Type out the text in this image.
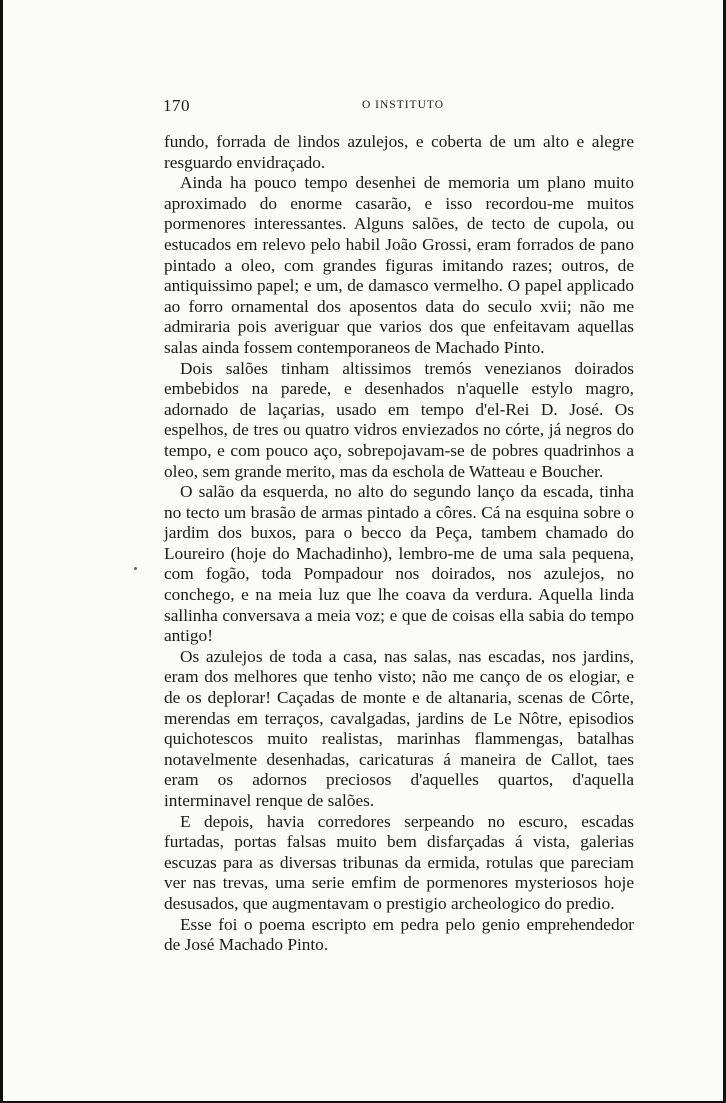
170	O INSTITUTO

fundo, forrada de lindos azulejos, e coberta de um alto e alegre resguardo envidraçado.

Ainda ha pouco tempo desenhei de memoria um plano muito aproximado do enorme casarão, e isso recordou-me muitos pormenores interessantes. Alguns salões, de tecto de cupola, ou estucados em relevo pelo habil João Grossi, eram forrados de pano pintado a oleo, com grandes figuras imitando razes; outros, de antiquissimo papel; e um, de damasco vermelho. O papel applicado ao forro ornamental dos aposentos data do seculo xvii; não me admiraria pois averiguar que varios dos que enfeitavam aquellas salas ainda fossem contemporaneos de Machado Pinto.

Dois salões tinham altissimos tremós venezianos doirados embebidos na parede, e desenhados n'aquelle estylo magro, adornado de laçarias, usado em tempo d'el-Rei D. José. Os espelhos, de tres ou quatro vidros enviezados no córte, já negros do tempo, e com pouco aço, sobrepojavam-se de pobres quadrinhos a oleo, sem grande merito, mas da eschola de Watteau e Boucher.

O salão da esquerda, no alto do segundo lanço da escada, tinha no tecto um brasão de armas pintado a côres. Cá na esquina sobre o jardim dos buxos, para o becco da Peça, tambem chamado do Loureiro (hoje do Machadinho), lembro-me de uma sala pequena, com fogão, toda Pompadour nos doirados, nos azulejos, no conchego, e na meia luz que lhe coava da verdura. Aquella linda sallinha conversava a meia voz; e que de coisas ella sabia do tempo antigo!

Os azulejos de toda a casa, nas salas, nas escadas, nos jardins, eram dos melhores que tenho visto; não me canço de os elogiar, e de os deplorar! Caçadas de monte e de altanaria, scenas de Côrte, merendas em terraços, cavalgadas, jardins de Le Nôtre, episodios quichotescos muito realistas, marinhas flammengas, batalhas notavelmente desenhadas, caricaturas á maneira de Callot, taes eram os adornos preciosos d'aquelles quartos, d'aquella interminavel renque de salões.

E depois, havia corredores serpeando no escuro, escadas furtadas, portas falsas muito bem disfarçadas á vista, galerias escuzas para as diversas tribunas da ermida, rotulas que pareciam ver nas trevas, uma serie emfim de pormenores mysteriosos hoje desusados, que augmentavam o prestigio archeologico do predio.

Esse foi o poema escripto em pedra pelo genio emprehendedor de José Machado Pinto.
